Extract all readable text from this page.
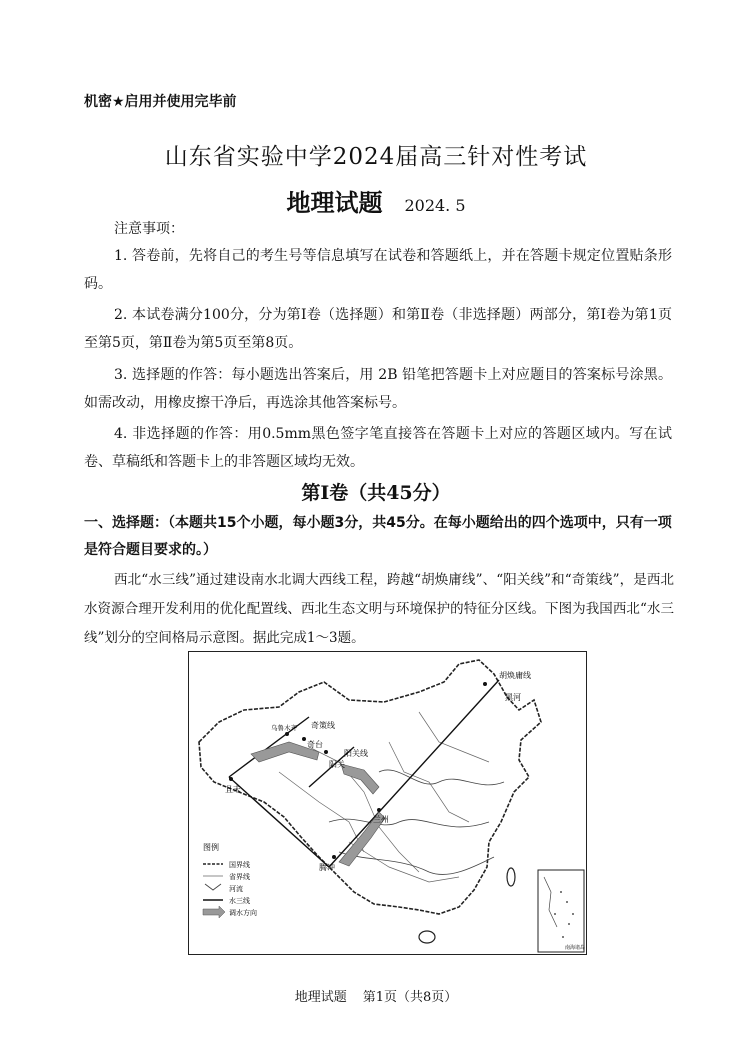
机密★启用并使用完毕前
山东省实验中学2024届高三针对性考试
地理试题 2024. 5
注意事项：
1. 答卷前，先将自己的考生号等信息填写在试卷和答题纸上，并在答题卡规定位置贴条形码。
2. 本试卷满分100分，分为第Ⅰ卷（选择题）和第Ⅱ卷（非选择题）两部分，第Ⅰ卷为第1页至第5页，第Ⅱ卷为第5页至第8页。
3. 选择题的作答：每小题选出答案后，用 2B 铅笔把答题卡上对应题目的答案标号涂黑。如需改动，用橡皮擦干净后，再选涂其他答案标号。
4. 非选择题的作答：用0.5mm黑色签字笔直接答在答题卡上对应的答题区域内。写在试卷、草稿纸和答题卡上的非答题区域均无效。
第Ⅰ卷（共45分）
一、选择题：（本题共15个小题，每小题3分，共45分。在每小题给出的四个选项中，只有一项是符合题目要求的。）
西北“水三线”通过建设南水北调大西线工程，跨越“胡焕庸线”、“阳关线”和“奇策线”，是西北水资源合理开发利用的优化配置线、西北生态文明与环境保护的特征分区线。下图为我国西北“水三线”划分的空间格局示意图。据此完成1～3题。
胡焕庸线
黑河
奇策线
乌鲁木齐
奇台
阳关线
阳关
且末
兰州
腾冲
图例
国界线
省界线
河流
水三线
调水方向
南海诸岛
地理试题 第1页（共8页）
